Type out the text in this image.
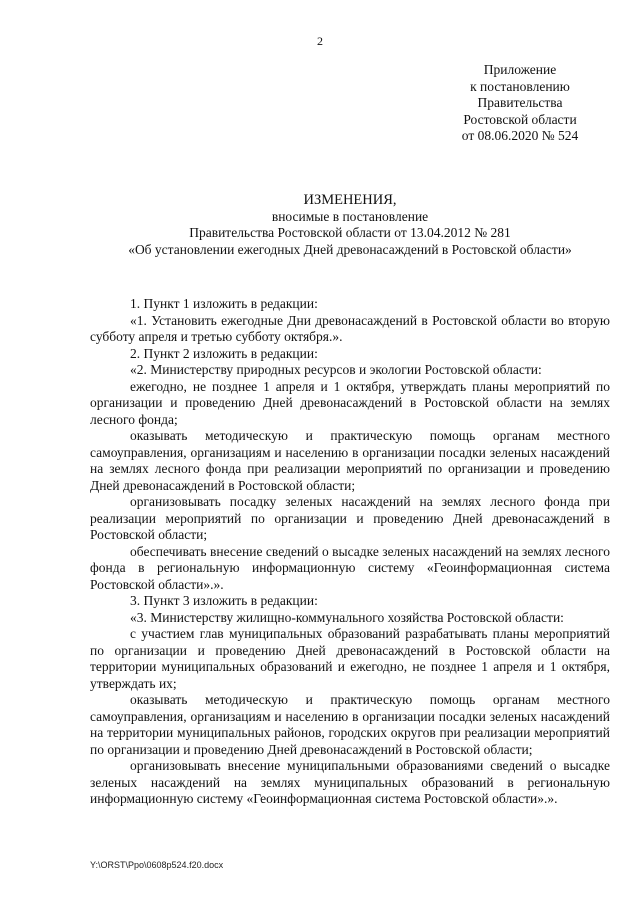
2
Приложение
к постановлению
Правительства
Ростовской области
от 08.06.2020 № 524
ИЗМЕНЕНИЯ,
вносимые в постановление
Правительства Ростовской области от 13.04.2012 № 281
«Об установлении ежегодных Дней древонасаждений в Ростовской области»

1. Пункт 1 изложить в редакции:

«1. Установить ежегодные Дни древонасаждений в Ростовской области во вторую субботу апреля и третью субботу октября.».

2. Пункт 2 изложить в редакции:

«2. Министерству природных ресурсов и экологии Ростовской области:

ежегодно, не позднее 1 апреля и 1 октября, утверждать планы мероприятий по организации и проведению Дней древонасаждений в Ростовской области на землях лесного фонда;

оказывать методическую и практическую помощь органам местного самоуправления, организациям и населению в организации посадки зеленых насаждений на землях лесного фонда при реализации мероприятий по организации и проведению Дней древонасаждений в Ростовской области;

организовывать посадку зеленых насаждений на землях лесного фонда при реализации мероприятий по организации и проведению Дней древонасаждений в Ростовской области;

обеспечивать внесение сведений о высадке зеленых насаждений на землях лесного фонда в региональную информационную систему «Геоинформационная система Ростовской области».».

3. Пункт 3 изложить в редакции:

«3. Министерству жилищно-коммунального хозяйства Ростовской области:

с участием глав муниципальных образований разрабатывать планы мероприятий по организации и проведению Дней древонасаждений в Ростовской области на территории муниципальных образований и ежегодно, не позднее 1 апреля и 1 октября, утверждать их;

оказывать методическую и практическую помощь органам местного самоуправления, организациям и населению в организации посадки зеленых насаждений на территории муниципальных районов, городских округов при реализации мероприятий по организации и проведению Дней древонасаждений в Ростовской области;

организовывать внесение муниципальными образованиями сведений о высадке зеленых насаждений на землях муниципальных образований в региональную информационную систему «Геоинформационная система Ростовской области».».

Y:\ORST\Ppo\0608p524.f20.docx
